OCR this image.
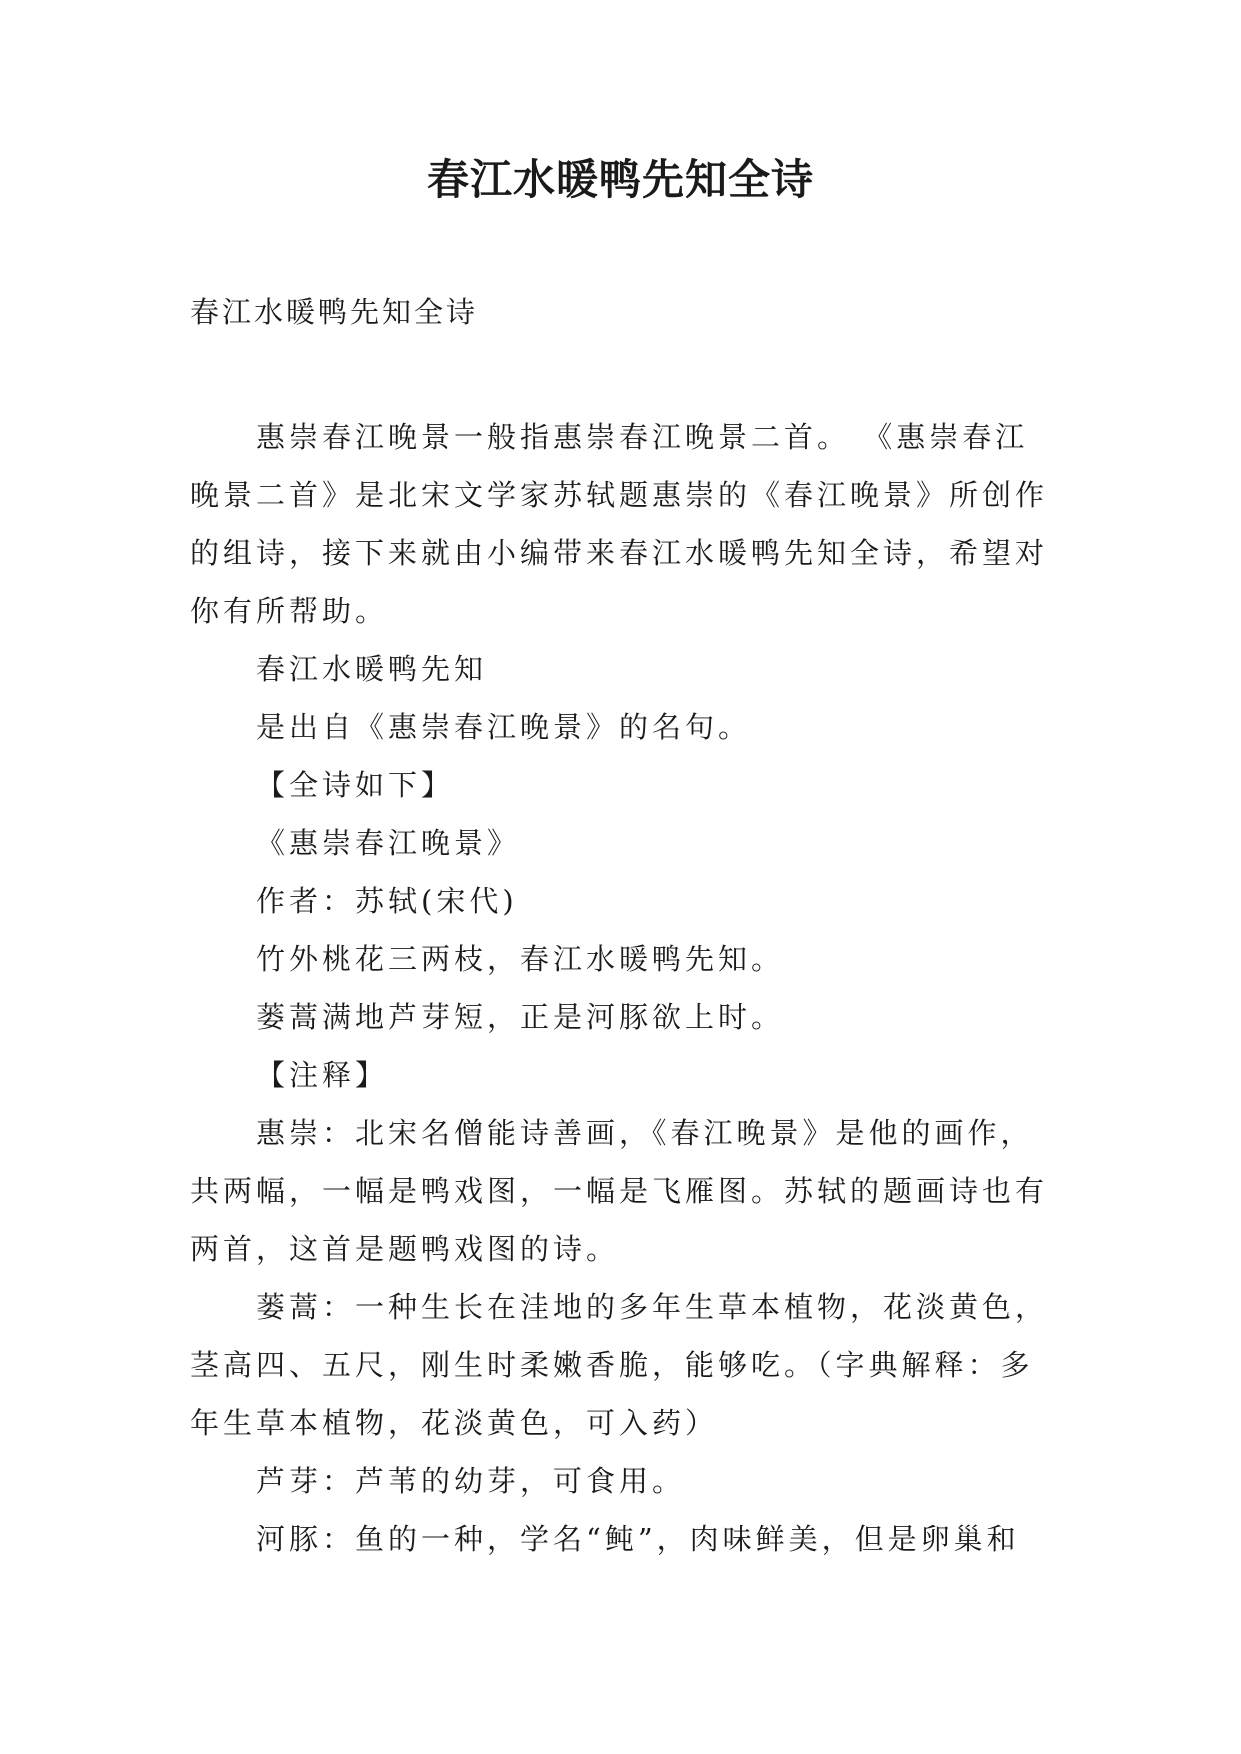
春江水暖鸭先知全诗

春江水暖鸭先知全诗

惠崇春江晚景一般指惠崇春江晚景二首。 《惠崇春江晚景二首》是北宋文学家苏轼题惠崇的《春江晚景》所创作的组诗，接下来就由小编带来春江水暖鸭先知全诗，希望对你有所帮助。

春江水暖鸭先知

是出自《惠崇春江晚景》的名句。

【全诗如下】

《惠崇春江晚景》

作者：苏轼(宋代)

竹外桃花三两枝，春江水暖鸭先知。

蒌蒿满地芦芽短，正是河豚欲上时。

【注释】

惠崇：北宋名僧能诗善画，《春江晚景》是他的画作，共两幅，一幅是鸭戏图，一幅是飞雁图。苏轼的题画诗也有两首，这首是题鸭戏图的诗。

蒌蒿：一种生长在洼地的多年生草本植物，花淡黄色，茎高四、五尺，刚生时柔嫩香脆，能够吃。（字典解释：多年生草本植物，花淡黄色，可入药）

芦芽：芦苇的幼芽，可食用。

河豚：鱼的一种，学名“鲀”，肉味鲜美，但是卵巢和
